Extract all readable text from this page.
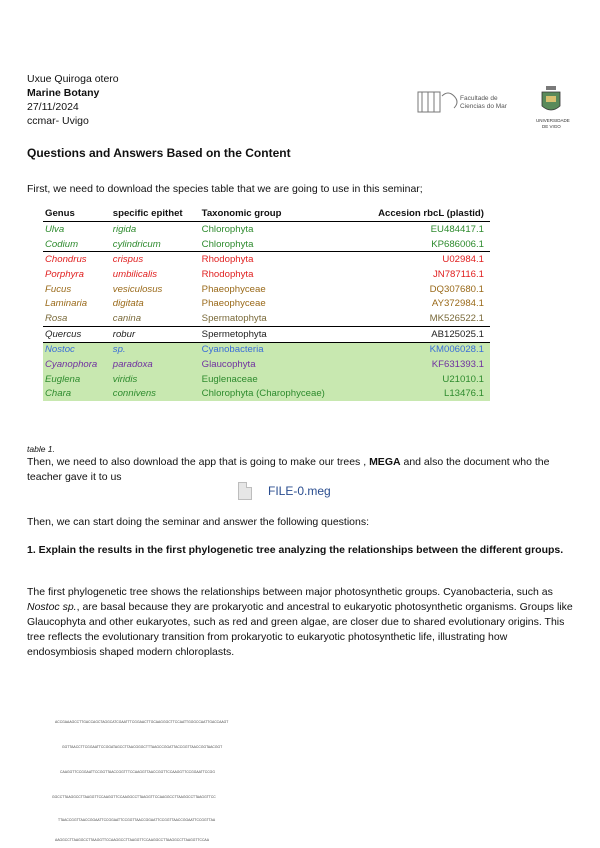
Uxue Quiroga otero
Marine Botany
27/11/2024
ccmar- Uvigo
Facultade de
Ciencias do Mar
UNIVERSIDADE
DE VIGO
Questions and Answers Based on the Content
First, we need to download the species table that we are going to use in this seminar;
Genus	specific epithet	Taxonomic group	Accesion rbcL (plastid)
Ulva	rigida	Chlorophyta	EU484417.1
Codium	cylindricum	Chlorophyta	KP686006.1
Chondrus	crispus	Rhodophyta	U02984.1
Porphyra	umbilicalis	Rhodophyta	JN787116.1
Fucus	vesiculosus	Phaeophyceae	DQ307680.1
Laminaria	digitata	Phaeophyceae	AY372984.1
Rosa	canina	Spermatophyta	MK526522.1
Quercus	robur	Spermetophyta	AB125025.1
Nostoc	sp.	Cyanobacteria	KM006028.1
Cyanophora	paradoxa	Glaucophyta	KF631393.1
Euglena	viridis	Euglenaceae	U21010.1
Chara	connivens	Chlorophyta (Charophyceae)	L13476.1
table 1.
Then, we need to also download the app that is going to make our trees , MEGA and also the document who the teacher gave it to us
FILE-0.meg
Then, we can start doing the seminar and answer the following questions:
1. Explain the results in the first phylogenetic tree analyzing the relationships between the different groups.
The first phylogenetic tree shows the relationships between major photosynthetic groups. Cyanobacteria, such as Nostoc sp., are basal because they are prokaryotic and ancestral to eukaryotic photosynthetic organisms. Groups like Glaucophyta and other eukaryotes, such as red and green algae, are closer due to shared evolutionary origins. This tree reflects the evolutionary transition from prokaryotic to eukaryotic photosynthetic life, illustrating how endosymbiosis shaped modern chloroplasts.
ACCGAAAGCCTTGACCAGCTAGGCATCGAATTTCGGAACTTGCAAGGGCTTCCAATTGGGCCAATTGACCAAGT
GGTTAACCTTCGGAATTCCGGATAGCCTTAACGGGCTTTAAGCCGGATTACCGGTTAACCGGTAACGGT
CAAGGTTCCGGAATTCCGGTTAACCGGTTTCCAAGGTTAACCGGTTCCAAGGTTCCGGAATTCCGG
GGCCTTAAGGCCTTAAGGTTCCAAGGTTCCAAGGCCTTAAGGTTCCAAGGCCTTAAGGCCTTAAGGTTCC
TTAACCGGTTAACCGGAATTCCGGAATTCCGGTTAACCGGAATTCCGGTTAACCGGAATTCCGGTTAA
AAGGCCTTAAGGCCTTAAGGTTCCAAGGCCTTAAGGTTCCAAGGCCTTAAGGCCTTAAGGTTCCAA
